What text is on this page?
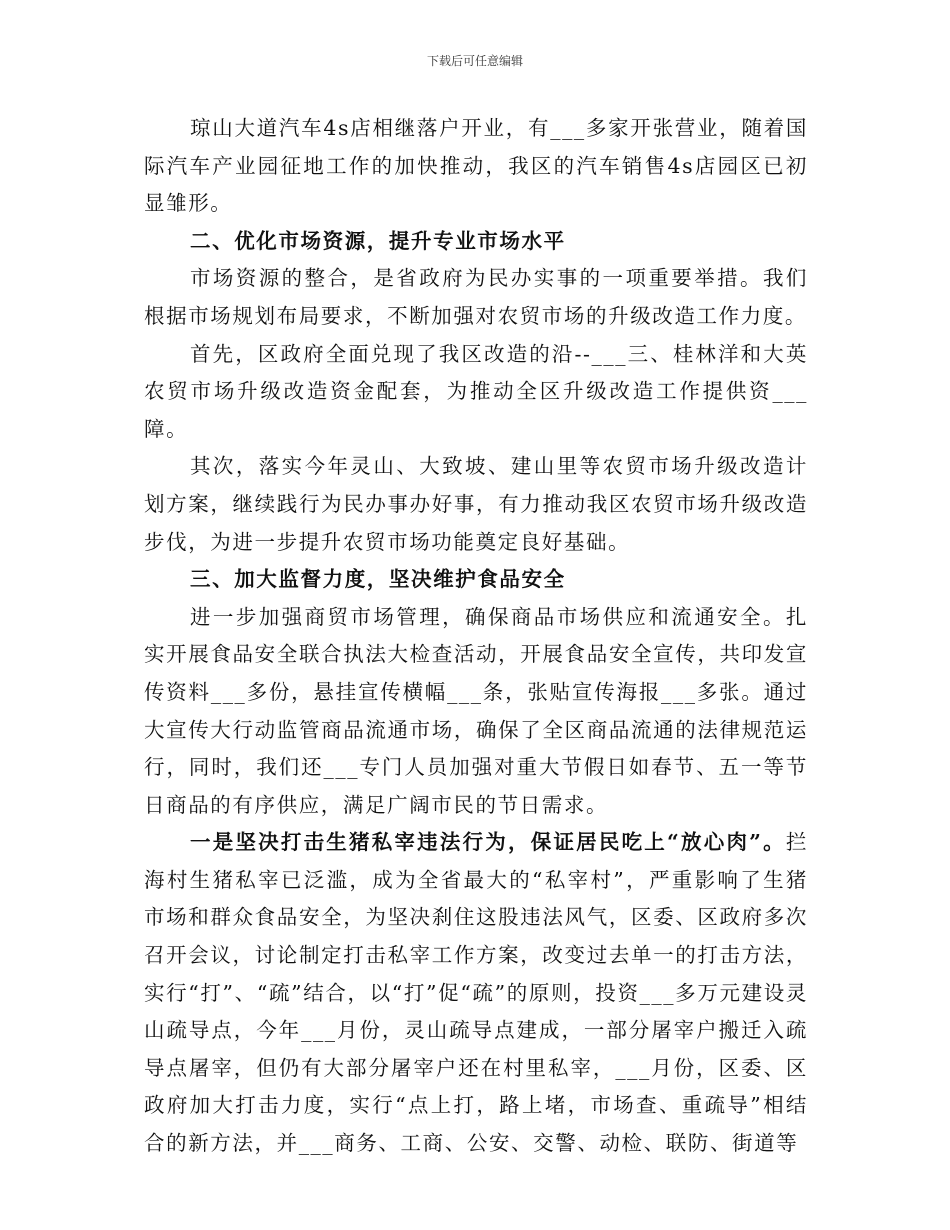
下载后可任意编辑

琼山大道汽车4s店相继落户开业，有___多家开张营业，随着国际汽车产业园征地工作的加快推动，我区的汽车销售4s店园区已初显雏形。

二、优化市场资源，提升专业市场水平

市场资源的整合，是省政府为民办实事的一项重要举措。我们根据市场规划布局要求，不断加强对农贸市场的升级改造工作力度。

首先，区政府全面兑现了我区改造的沿--___三、桂林洋和大英农贸市场升级改造资金配套，为推动全区升级改造工作提供资___障。

其次，落实今年灵山、大致坡、建山里等农贸市场升级改造计划方案，继续践行为民办事办好事，有力推动我区农贸市场升级改造步伐，为进一步提升农贸市场功能奠定良好基础。

三、加大监督力度，坚决维护食品安全

进一步加强商贸市场管理，确保商品市场供应和流通安全。扎实开展食品安全联合执法大检查活动，开展食品安全宣传，共印发宣传资料___多份，悬挂宣传横幅___条，张贴宣传海报___多张。通过大宣传大行动监管商品流通市场，确保了全区商品流通的法律规范运行，同时，我们还___专门人员加强对重大节假日如春节、五一等节日商品的有序供应，满足广阔市民的节日需求。

一是坚决打击生猪私宰违法行为，保证居民吃上“放心肉”。拦海村生猪私宰已泛滥，成为全省最大的“私宰村”，严重影响了生猪市场和群众食品安全，为坚决刹住这股违法风气，区委、区政府多次召开会议，讨论制定打击私宰工作方案，改变过去单一的打击方法，实行“打”、“疏”结合，以“打”促“疏”的原则，投资___多万元建设灵山疏导点，今年___月份，灵山疏导点建成，一部分屠宰户搬迁入疏导点屠宰，但仍有大部分屠宰户还在村里私宰，___月份，区委、区政府加大打击力度，实行“点上打，路上堵，市场查、重疏导”相结合的新方法，并___商务、工商、公安、交警、动检、联防、街道等
